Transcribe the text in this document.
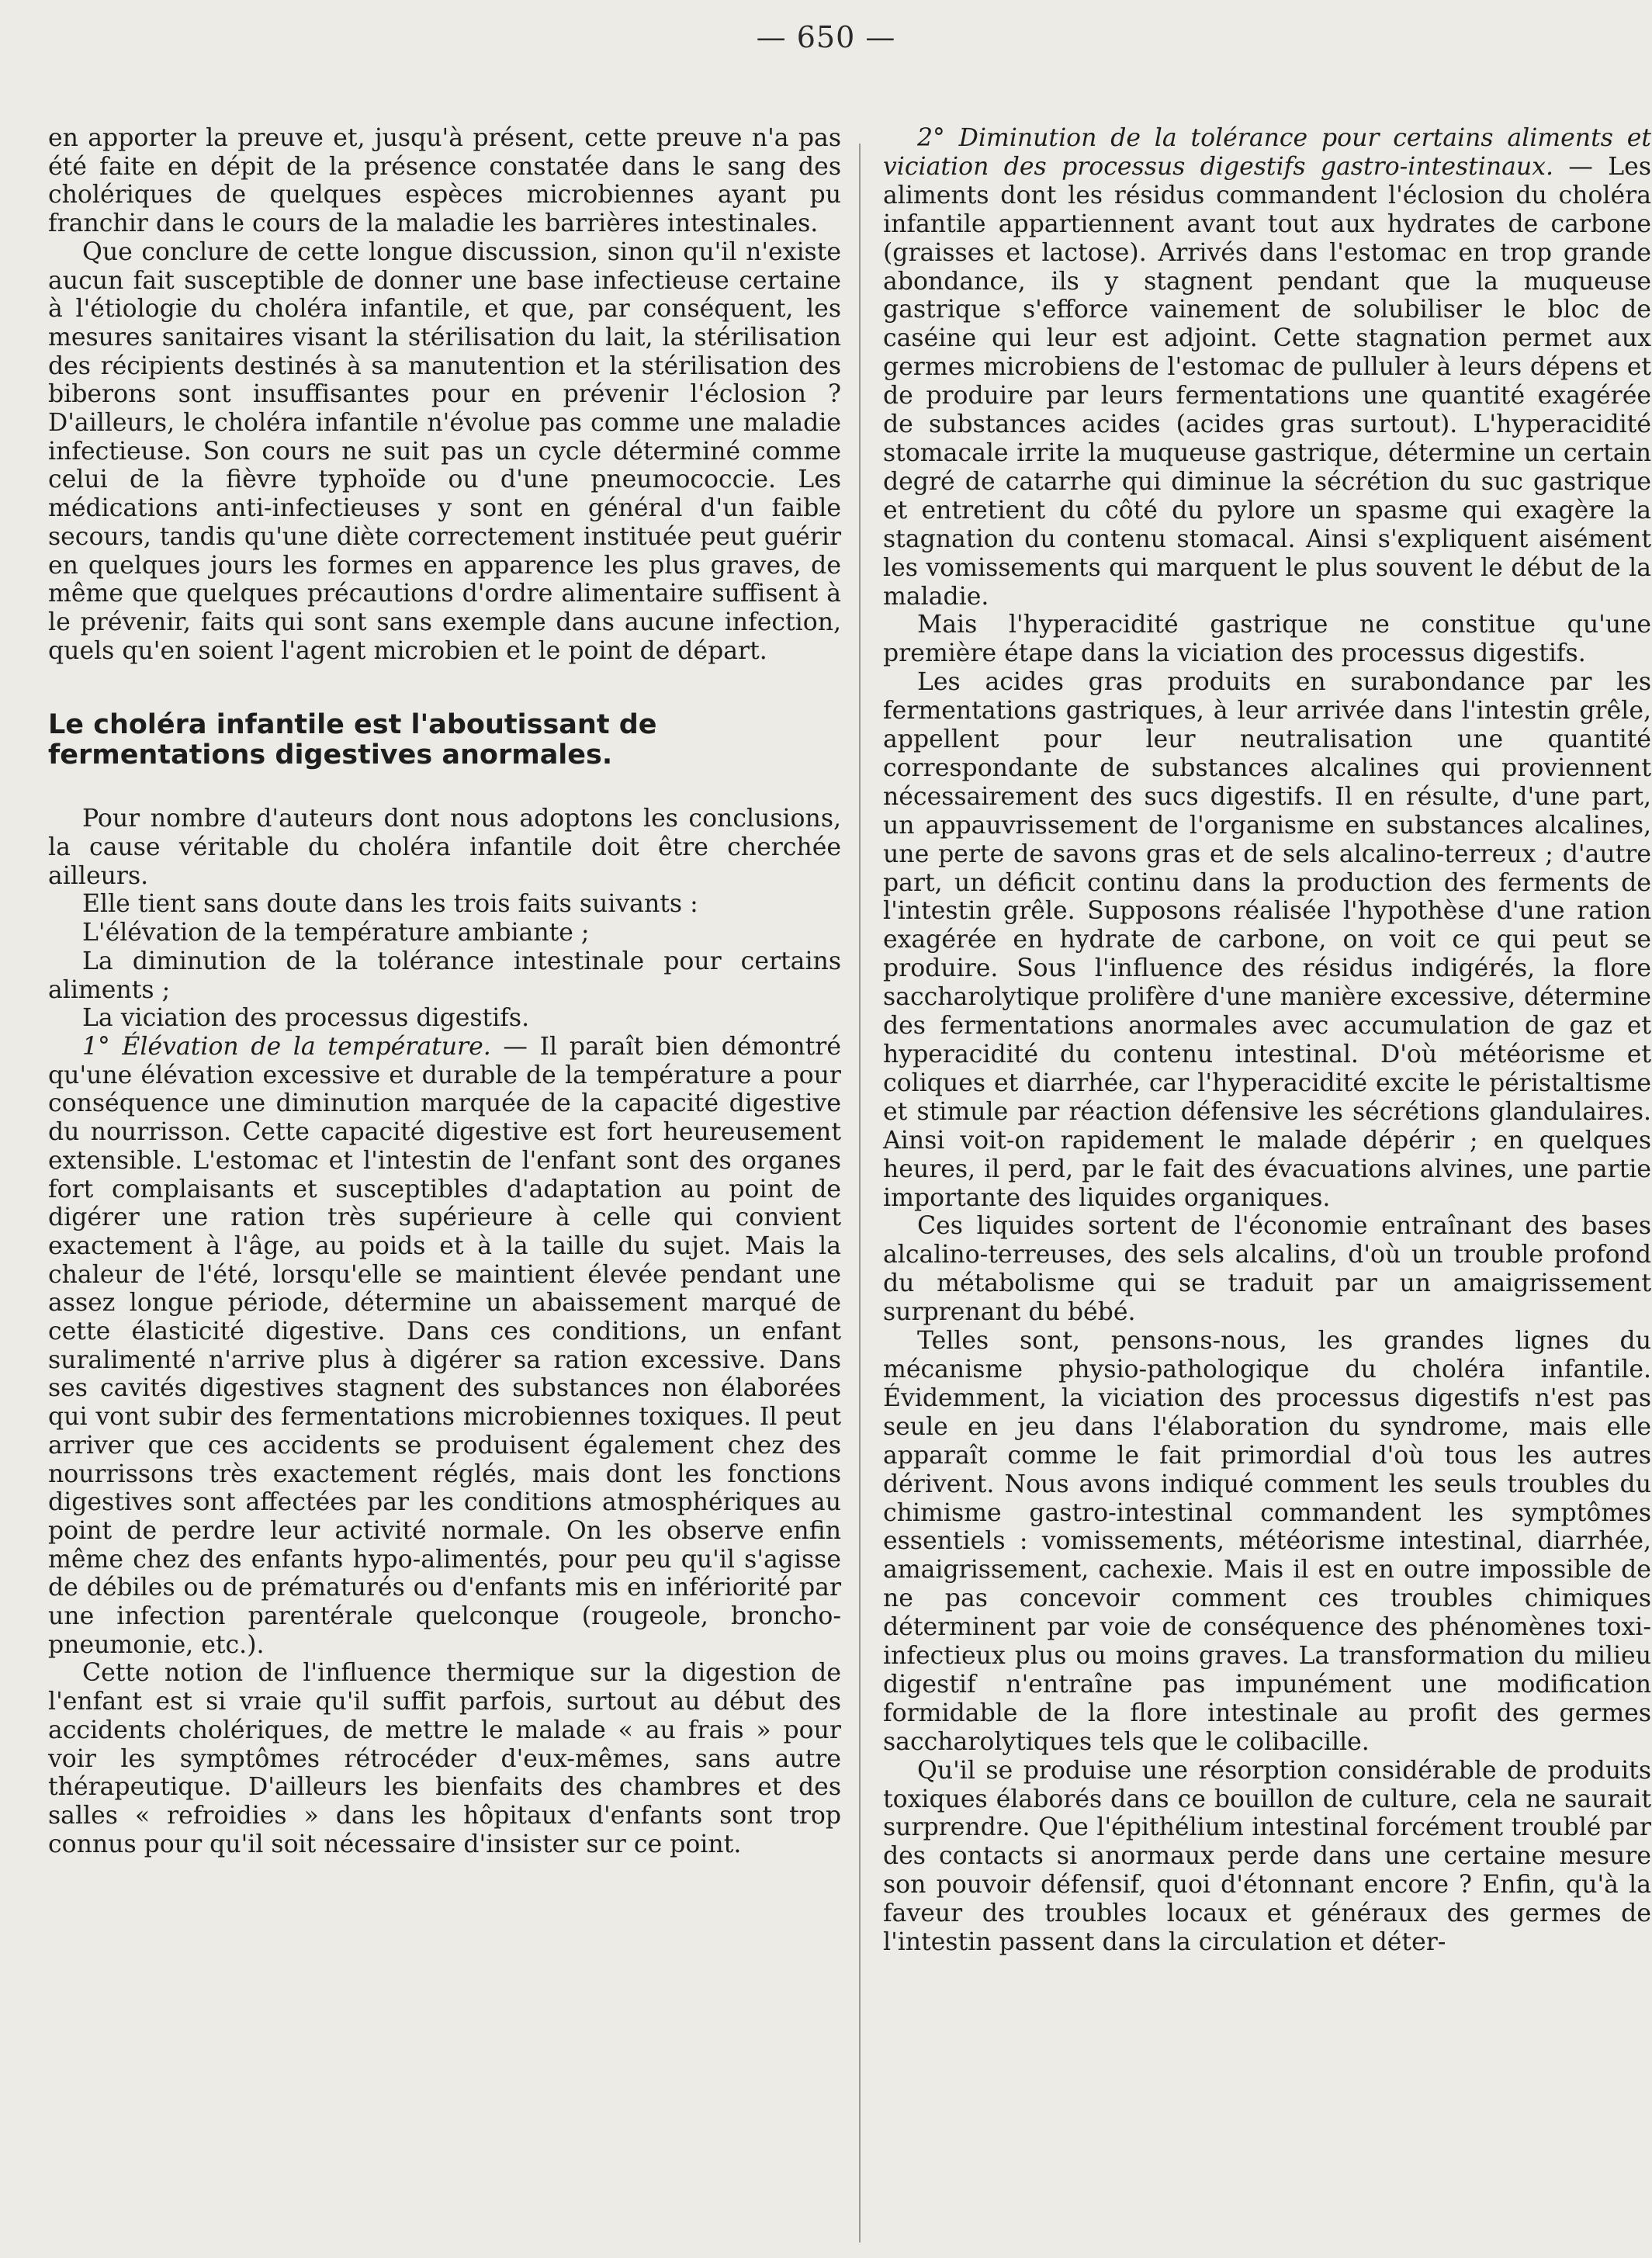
— 650 —

en apporter la preuve et, jusqu'à présent, cette preuve n'a pas été faite en dépit de la présence constatée dans le sang des cholériques de quelques espèces microbiennes ayant pu franchir dans le cours de la maladie les barrières intestinales.

Que conclure de cette longue discussion, sinon qu'il n'existe aucun fait susceptible de donner une base infectieuse certaine à l'étiologie du choléra infantile, et que, par conséquent, les mesures sanitaires visant la stérilisation du lait, la stérilisation des récipients destinés à sa manutention et la stérilisation des biberons sont insuffisantes pour en prévenir l'éclosion ? D'ailleurs, le choléra infantile n'évolue pas comme une maladie infectieuse. Son cours ne suit pas un cycle déterminé comme celui de la fièvre typhoïde ou d'une pneumococcie. Les médications anti-infectieuses y sont en général d'un faible secours, tandis qu'une diète correctement instituée peut guérir en quelques jours les formes en apparence les plus graves, de même que quelques précautions d'ordre alimentaire suffisent à le prévenir, faits qui sont sans exemple dans aucune infection, quels qu'en soient l'agent microbien et le point de départ.

Le choléra infantile est l'aboutissant de fermentations digestives anormales.

Pour nombre d'auteurs dont nous adoptons les conclusions, la cause véritable du choléra infantile doit être cherchée ailleurs.

Elle tient sans doute dans les trois faits suivants :

L'élévation de la température ambiante ;

La diminution de la tolérance intestinale pour certains aliments ;

La viciation des processus digestifs.

1° Élévation de la température. — Il paraît bien démontré qu'une élévation excessive et durable de la température a pour conséquence une diminution marquée de la capacité digestive du nourrisson. Cette capacité digestive est fort heureusement extensible. L'estomac et l'intestin de l'enfant sont des organes fort complaisants et susceptibles d'adaptation au point de digérer une ration très supérieure à celle qui convient exactement à l'âge, au poids et à la taille du sujet. Mais la chaleur de l'été, lorsqu'elle se maintient élevée pendant une assez longue période, détermine un abaissement marqué de cette élasticité digestive. Dans ces conditions, un enfant suralimenté n'arrive plus à digérer sa ration excessive. Dans ses cavités digestives stagnent des substances non élaborées qui vont subir des fermentations microbiennes toxiques. Il peut arriver que ces accidents se produisent également chez des nourrissons très exactement réglés, mais dont les fonctions digestives sont affectées par les conditions atmosphériques au point de perdre leur activité normale. On les observe enfin même chez des enfants hypo-alimentés, pour peu qu'il s'agisse de débiles ou de prématurés ou d'enfants mis en infériorité par une infection parentérale quelconque (rougeole, broncho-pneumonie, etc.).

Cette notion de l'influence thermique sur la digestion de l'enfant est si vraie qu'il suffit parfois, surtout au début des accidents cholériques, de mettre le malade « au frais » pour voir les symptômes rétrocéder d'eux-mêmes, sans autre thérapeutique. D'ailleurs les bienfaits des chambres et des salles « refroidies » dans les hôpitaux d'enfants sont trop connus pour qu'il soit nécessaire d'insister sur ce point.

2° Diminution de la tolérance pour certains aliments et viciation des processus digestifs gastro-intestinaux. — Les aliments dont les résidus commandent l'éclosion du choléra infantile appartiennent avant tout aux hydrates de carbone (graisses et lactose). Arrivés dans l'estomac en trop grande abondance, ils y stagnent pendant que la muqueuse gastrique s'efforce vainement de solubiliser le bloc de caséine qui leur est adjoint. Cette stagnation permet aux germes microbiens de l'estomac de pulluler à leurs dépens et de produire par leurs fermentations une quantité exagérée de substances acides (acides gras surtout). L'hyperacidité stomacale irrite la muqueuse gastrique, détermine un certain degré de catarrhe qui diminue la sécrétion du suc gastrique et entretient du côté du pylore un spasme qui exagère la stagnation du contenu stomacal. Ainsi s'expliquent aisément les vomissements qui marquent le plus souvent le début de la maladie.

Mais l'hyperacidité gastrique ne constitue qu'une première étape dans la viciation des processus digestifs.

Les acides gras produits en surabondance par les fermentations gastriques, à leur arrivée dans l'intestin grêle, appellent pour leur neutralisation une quantité correspondante de substances alcalines qui proviennent nécessairement des sucs digestifs. Il en résulte, d'une part, un appauvrissement de l'organisme en substances alcalines, une perte de savons gras et de sels alcalino-terreux ; d'autre part, un déficit continu dans la production des ferments de l'intestin grêle. Supposons réalisée l'hypothèse d'une ration exagérée en hydrate de carbone, on voit ce qui peut se produire. Sous l'influence des résidus indigérés, la flore saccharolytique prolifère d'une manière excessive, détermine des fermentations anormales avec accumulation de gaz et hyperacidité du contenu intestinal. D'où météorisme et coliques et diarrhée, car l'hyperacidité excite le péristaltisme et stimule par réaction défensive les sécrétions glandulaires. Ainsi voit-on rapidement le malade dépérir ; en quelques heures, il perd, par le fait des évacuations alvines, une partie importante des liquides organiques.

Ces liquides sortent de l'économie entraînant des bases alcalino-terreuses, des sels alcalins, d'où un trouble profond du métabolisme qui se traduit par un amaigrissement surprenant du bébé.

Telles sont, pensons-nous, les grandes lignes du mécanisme physio-pathologique du choléra infantile. Évidemment, la viciation des processus digestifs n'est pas seule en jeu dans l'élaboration du syndrome, mais elle apparaît comme le fait primordial d'où tous les autres dérivent. Nous avons indiqué comment les seuls troubles du chimisme gastro-intestinal commandent les symptômes essentiels : vomissements, météorisme intestinal, diarrhée, amaigrissement, cachexie. Mais il est en outre impossible de ne pas concevoir comment ces troubles chimiques déterminent par voie de conséquence des phénomènes toxi-infectieux plus ou moins graves. La transformation du milieu digestif n'entraîne pas impunément une modification formidable de la flore intestinale au profit des germes saccharolytiques tels que le colibacille.

Qu'il se produise une résorption considérable de produits toxiques élaborés dans ce bouillon de culture, cela ne saurait surprendre. Que l'épithélium intestinal forcément troublé par des contacts si anormaux perde dans une certaine mesure son pouvoir défensif, quoi d'étonnant encore ? Enfin, qu'à la faveur des troubles locaux et généraux des germes de l'intestin passent dans la circulation et déter-
